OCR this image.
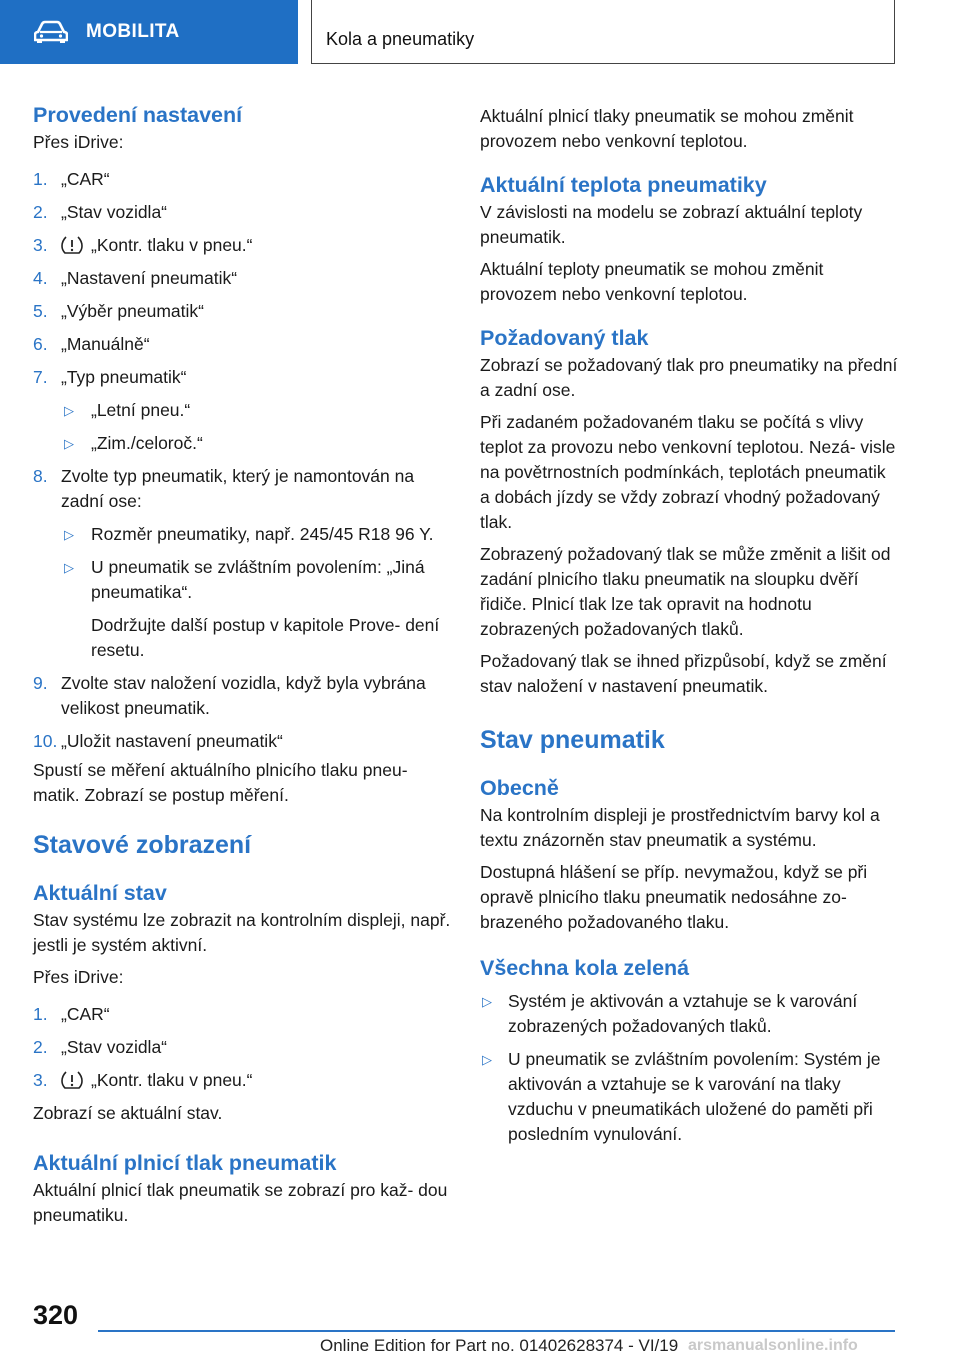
MOBILITA	Kola a pneumatiky
Provedení nastavení

Přes iDrive:

1. „CAR“
2. „Stav vozidla“
3. „Kontr. tlaku v pneu.“
4. „Nastavení pneumatik“
5. „Výběr pneumatik“
6. „Manuálně“
7. „Typ pneumatik“
▷ „Letní pneu.“
▷ „Zim./celoroč.“
8. Zvolte typ pneumatik, který je namontován na zadní ose:
▷ Rozměr pneumatiky, např. 245/45 R18 96 Y.
▷ U pneumatik se zvláštním povolením: „Jiná pneumatika“.
Dodržujte další postup v kapitole Prove- dení resetu.
9. Zvolte stav naložení vozidla, když byla vybrána velikost pneumatik.
10. „Uložit nastavení pneumatik“

Spustí se měření aktuálního plnicího tlaku pneu- matik. Zobrazí se postup měření.

Stavové zobrazení
Aktuální stav

Stav systému lze zobrazit na kontrolním displeji, např. jestli je systém aktivní.

Přes iDrive:

1. „CAR“
2. „Stav vozidla“
3. „Kontr. tlaku v pneu.“

Zobrazí se aktuální stav.

Aktuální plnicí tlak pneumatik

Aktuální plnicí tlak pneumatik se zobrazí pro kaž- dou pneumatiku.

Aktuální plnicí tlaky pneumatik se mohou změnit provozem nebo venkovní teplotou.

Aktuální teplota pneumatiky

V závislosti na modelu se zobrazí aktuální teploty pneumatik.

Aktuální teploty pneumatik se mohou změnit provozem nebo venkovní teplotou.

Požadovaný tlak

Zobrazí se požadovaný tlak pro pneumatiky na přední a zadní ose.

Při zadaném požadovaném tlaku se počítá s vlivy teplot za provozu nebo venkovní teplotou. Nezá- visle na povětrnostních podmínkách, teplotách pneumatik a dobách jízdy se vždy zobrazí vhodný požadovaný tlak.

Zobrazený požadovaný tlak se může změnit a lišit od zadání plnicího tlaku pneumatik na sloupku dvěří řidiče. Plnicí tlak lze tak opravit na hodnotu zobrazených požadovaných tlaků.

Požadovaný tlak se ihned přizpůsobí, když se změní stav naložení v nastavení pneumatik.

Stav pneumatik
Obecně

Na kontrolním displeji je prostřednictvím barvy kol a textu znázorněn stav pneumatik a systému.

Dostupná hlášení se příp. nevymažou, když se při opravě plnicího tlaku pneumatik nedosáhne zo- brazeného požadovaného tlaku.

Všechna kola zelená
▷ Systém je aktivován a vztahuje se k varování zobrazených požadovaných tlaků.
▷ U pneumatik se zvláštním povolením: Systém je aktivován a vztahuje se k varování na tlaky vzduchu v pneumatikách uložené do paměti při posledním vynulování.
320
Online Edition for Part no. 01402628374 - VI/19 arsmanualsonline.info
